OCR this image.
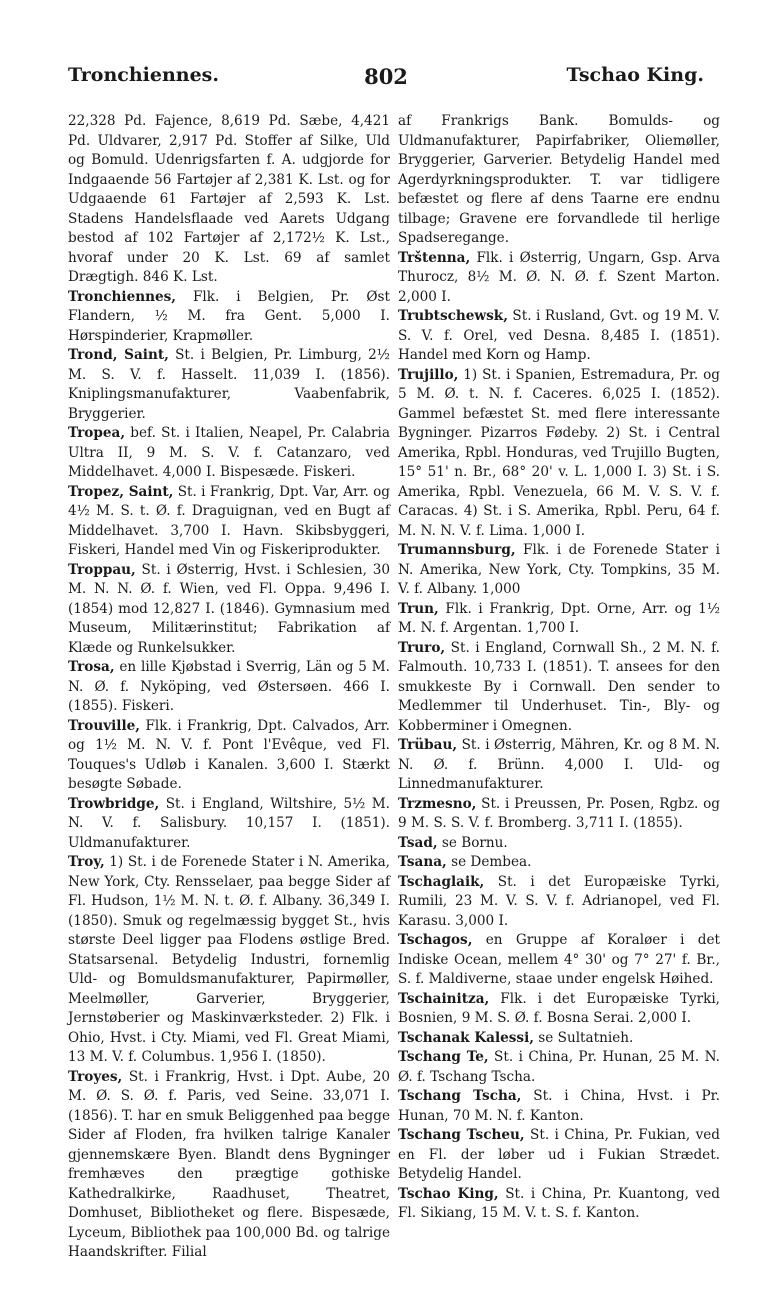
802
Tronchiennes.	Tschao King.

22,328 Pd. Fajence, 8,619 Pd. Sæbe, 4,421 Pd. Uldvarer, 2,917 Pd. Stoffer af Silke, Uld og Bomuld. Udenrigsfarten f. A. udgjorde for Indgaaende 56 Fartøjer af 2,381 K. Lst. og for Udgaaende 61 Fartøjer af 2,593 K. Lst. Stadens Handelsflaade ved Aarets Udgang bestod af 102 Fartøjer af 2,172½ K. Lst., hvoraf under 20 K. Lst. 69 af samlet Drægtigh. 846 K. Lst.

Tronchiennes, Flk. i Belgien, Pr. Øst Flandern, ½ M. fra Gent. 5,000 I. Hørspinderier, Krapmøller.

Trond, Saint, St. i Belgien, Pr. Limburg, 2½ M. S. V. f. Hasselt. 11,039 I. (1856). Kniplingsmanufakturer, Vaabenfabrik, Bryggerier.

Tropea, bef. St. i Italien, Neapel, Pr. Calabria Ultra II, 9 M. S. V. f. Catanzaro, ved Middelhavet. 4,000 I. Bispesæde. Fiskeri.

Tropez, Saint, St. i Frankrig, Dpt. Var, Arr. og 4½ M. S. t. Ø. f. Draguignan, ved en Bugt af Middelhavet. 3,700 I. Havn. Skibsbyggeri, Fiskeri, Handel med Vin og Fiskeriprodukter.

Troppau, St. i Østerrig, Hvst. i Schlesien, 30 M. N. N. Ø. f. Wien, ved Fl. Oppa. 9,496 I. (1854) mod 12,827 I. (1846). Gymnasium med Museum, Militærinstitut; Fabrikation af Klæde og Runkelsukker.

Trosa, en lille Kjøbstad i Sverrig, Län og 5 M. N. Ø. f. Nyköping, ved Østersøen. 466 I. (1855). Fiskeri.

Trouville, Flk. i Frankrig, Dpt. Calvados, Arr. og 1½ M. N. V. f. Pont l'Evêque, ved Fl. Touques's Udløb i Kanalen. 3,600 I. Stærkt besøgte Søbade.

Trowbridge, St. i England, Wiltshire, 5½ M. N. V. f. Salisbury. 10,157 I. (1851). Uldmanufakturer.

Troy, 1) St. i de Forenede Stater i N. Amerika, New York, Cty. Rensselaer, paa begge Sider af Fl. Hudson, 1½ M. N. t. Ø. f. Albany. 36,349 I. (1850). Smuk og regelmæssig bygget St., hvis største Deel ligger paa Flodens østlige Bred. Statsarsenal. Betydelig Industri, fornemlig Uld- og Bomuldsmanufakturer, Papirmøller, Meelmøller, Garverier, Bryggerier, Jernstøberier og Maskinværksteder. 2) Flk. i Ohio, Hvst. i Cty. Miami, ved Fl. Great Miami, 13 M. V. f. Columbus. 1,956 I. (1850).

Troyes, St. i Frankrig, Hvst. i Dpt. Aube, 20 M. Ø. S. Ø. f. Paris, ved Seine. 33,071 I. (1856). T. har en smuk Beliggenhed paa begge Sider af Floden, fra hvilken talrige Kanaler gjennemskære Byen. Blandt dens Bygninger fremhæves den prægtige gothiske Kathedralkirke, Raadhuset, Theatret, Domhuset, Bibliotheket og flere. Bispesæde, Lyceum, Bibliothek paa 100,000 Bd. og talrige Haandskrifter. Filial

af Frankrigs Bank. Bomulds- og Uldmanufakturer, Papirfabriker, Oliemøller, Bryggerier, Garverier. Betydelig Handel med Agerdyrkningsprodukter. T. var tidligere befæstet og flere af dens Taarne ere endnu tilbage; Gravene ere forvandlede til herlige Spadseregange.

Trštenna, Flk. i Østerrig, Ungarn, Gsp. Arva Thurocz, 8½ M. Ø. N. Ø. f. Szent Marton. 2,000 I.

Trubtschewsk, St. i Rusland, Gvt. og 19 M. V. S. V. f. Orel, ved Desna. 8,485 I. (1851). Handel med Korn og Hamp.

Trujillo, 1) St. i Spanien, Estremadura, Pr. og 5 M. Ø. t. N. f. Caceres. 6,025 I. (1852). Gammel befæstet St. med flere interessante Bygninger. Pizarros Fødeby. 2) St. i Central Amerika, Rpbl. Honduras, ved Trujillo Bugten, 15° 51' n. Br., 68° 20' v. L. 1,000 I. 3) St. i S. Amerika, Rpbl. Venezuela, 66 M. V. S. V. f. Caracas. 4) St. i S. Amerika, Rpbl. Peru, 64 f. M. N. N. V. f. Lima. 1,000 I.

Trumannsburg, Flk. i de Forenede Stater i N. Amerika, New York, Cty. Tompkins, 35 M. V. f. Albany. 1,000

Trun, Flk. i Frankrig, Dpt. Orne, Arr. og 1½ M. N. f. Argentan. 1,700 I.

Truro, St. i England, Cornwall Sh., 2 M. N. f. Falmouth. 10,733 I. (1851). T. ansees for den smukkeste By i Cornwall. Den sender to Medlemmer til Underhuset. Tin-, Bly- og Kobberminer i Omegnen.

Trübau, St. i Østerrig, Mähren, Kr. og 8 M. N. N. Ø. f. Brünn. 4,000 I. Uld- og Linnedmanufakturer.

Trzmesno, St. i Preussen, Pr. Posen, Rgbz. og 9 M. S. S. V. f. Bromberg. 3,711 I. (1855).

Tsad, se Bornu.

Tsana, se Dembea.

Tschaglaik, St. i det Europæiske Tyrki, Rumili, 23 M. V. S. V. f. Adrianopel, ved Fl. Karasu. 3,000 I.

Tschagos, en Gruppe af Koraløer i det Indiske Ocean, mellem 4° 30' og 7° 27' f. Br., S. f. Maldiverne, staae under engelsk Høihed.

Tschainitza, Flk. i det Europæiske Tyrki, Bosnien, 9 M. S. Ø. f. Bosna Serai. 2,000 I.

Tschanak Kalessi, se Sultatnieh.

Tschang Te, St. i China, Pr. Hunan, 25 M. N. Ø. f. Tschang Tscha.

Tschang Tscha, St. i China, Hvst. i Pr. Hunan, 70 M. N. f. Kanton.

Tschang Tscheu, St. i China, Pr. Fukian, ved en Fl. der løber ud i Fukian Strædet. Betydelig Handel.

Tschao King, St. i China, Pr. Kuantong, ved Fl. Sikiang, 15 M. V. t. S. f. Kanton.
